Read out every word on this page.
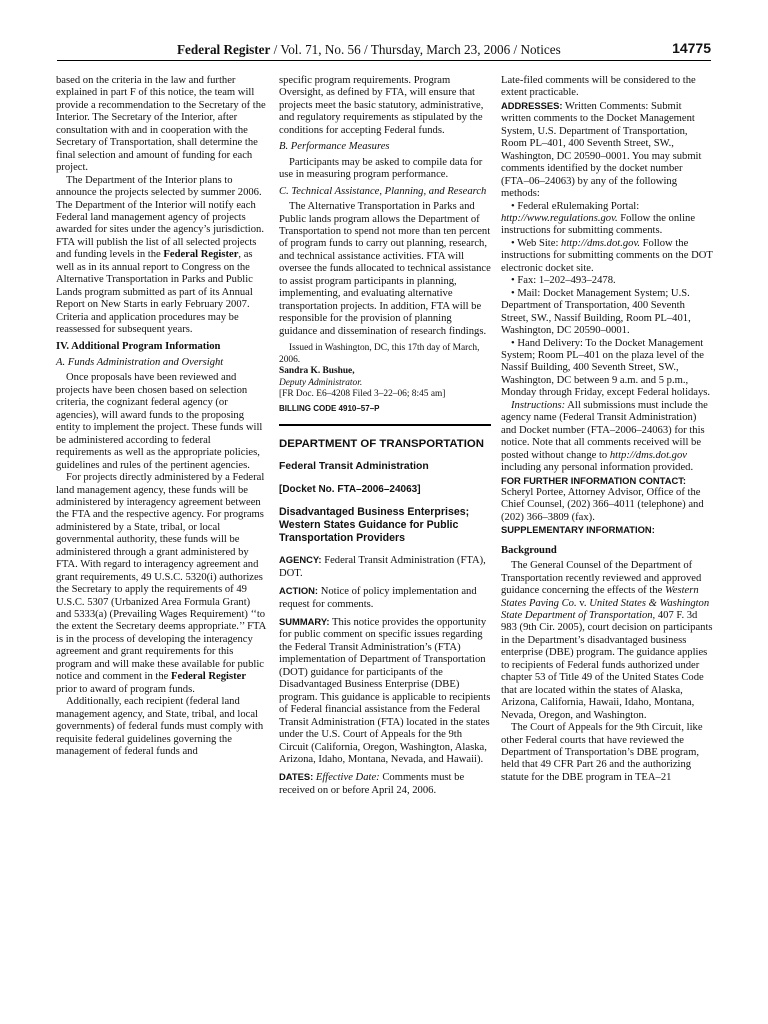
Federal Register / Vol. 71, No. 56 / Thursday, March 23, 2006 / Notices	14775

based on the criteria in the law and further explained in part F of this notice, the team will provide a recommendation to the Secretary of the Interior. The Secretary of the Interior, after consultation with and in cooperation with the Secretary of Transportation, shall determine the final selection and amount of funding for each project.

The Department of the Interior plans to announce the projects selected by summer 2006. The Department of the Interior will notify each Federal land management agency of projects awarded for sites under the agency’s jurisdiction. FTA will publish the list of all selected projects and funding levels in the Federal Register, as well as in its annual report to Congress on the Alternative Transportation in Parks and Public Lands program submitted as part of its Annual Report on New Starts in early February 2007. Criteria and application procedures may be reassessed for subsequent years.

IV. Additional Program Information

A. Funds Administration and Oversight

Once proposals have been reviewed and projects have been chosen based on selection criteria, the cognizant federal agency (or agencies), will award funds to the proposing entity to implement the project. These funds will be administered according to federal requirements as well as the appropriate policies, guidelines and rules of the pertinent agencies.

For projects directly administered by a Federal land management agency, these funds will be administered by interagency agreement between the FTA and the respective agency. For programs administered by a State, tribal, or local governmental authority, these funds will be administered through a grant administered by FTA. With regard to interagency agreement and grant requirements, 49 U.S.C. 5320(i) authorizes the Secretary to apply the requirements of 49 U.S.C. 5307 (Urbanized Area Formula Grant) and 5333(a) (Prevailing Wages Requirement) ‘‘to the extent the Secretary deems appropriate.’’ FTA is in the process of developing the interagency agreement and grant requirements for this program and will make these available for public notice and comment in the Federal Register prior to award of program funds.

Additionally, each recipient (federal land management agency, and State, tribal, and local governments) of federal funds must comply with requisite federal guidelines governing the management of federal funds and

specific program requirements. Program Oversight, as defined by FTA, will ensure that projects meet the basic statutory, administrative, and regulatory requirements as stipulated by the conditions for accepting Federal funds.

B. Performance Measures

Participants may be asked to compile data for use in measuring program performance.

C. Technical Assistance, Planning, and Research

The Alternative Transportation in Parks and Public lands program allows the Department of Transportation to spend not more than ten percent of program funds to carry out planning, research, and technical assistance activities. FTA will oversee the funds allocated to technical assistance to assist program participants in planning, implementing, and evaluating alternative transportation projects. In addition, FTA will be responsible for the provision of planning guidance and dissemination of research findings.

Issued in Washington, DC, this 17th day of March, 2006.

Sandra K. Bushue,

Deputy Administrator.

[FR Doc. E6–4208 Filed 3–22–06; 8:45 am]

BILLING CODE 4910–57–P

DEPARTMENT OF TRANSPORTATION

Federal Transit Administration

[Docket No. FTA–2006–24063]

Disadvantaged Business Enterprises; Western States Guidance for Public Transportation Providers

AGENCY: Federal Transit Administration (FTA), DOT.

ACTION: Notice of policy implementation and request for comments.

SUMMARY: This notice provides the opportunity for public comment on specific issues regarding the Federal Transit Administration’s (FTA) implementation of Department of Transportation (DOT) guidance for participants of the Disadvantaged Business Enterprise (DBE) program. This guidance is applicable to recipients of Federal financial assistance from the Federal Transit Administration (FTA) located in the states under the U.S. Court of Appeals for the 9th Circuit (California, Oregon, Washington, Alaska, Arizona, Idaho, Montana, Nevada, and Hawaii).

DATES: Effective Date: Comments must be received on or before April 24, 2006.

Late-filed comments will be considered to the extent practicable.

ADDRESSES: Written Comments: Submit written comments to the Docket Management System, U.S. Department of Transportation, Room PL–401, 400 Seventh Street, SW., Washington, DC 20590–0001. You may submit comments identified by the docket number (FTA–06–24063) by any of the following methods:

• Federal eRulemaking Portal: http://www.regulations.gov. Follow the online instructions for submitting comments.

• Web Site: http://dms.dot.gov. Follow the instructions for submitting comments on the DOT electronic docket site.

• Fax: 1–202–493–2478.

• Mail: Docket Management System; U.S. Department of Transportation, 400 Seventh Street, SW., Nassif Building, Room PL–401, Washington, DC 20590–0001.

• Hand Delivery: To the Docket Management System; Room PL–401 on the plaza level of the Nassif Building, 400 Seventh Street, SW., Washington, DC between 9 a.m. and 5 p.m., Monday through Friday, except Federal holidays.

Instructions: All submissions must include the agency name (Federal Transit Administration) and Docket number (FTA–2006–24063) for this notice. Note that all comments received will be posted without change to http://dms.dot.gov including any personal information provided.

FOR FURTHER INFORMATION CONTACT:

Scheryl Portee, Attorney Advisor, Office of the Chief Counsel, (202) 366–4011 (telephone) and (202) 366–3809 (fax).

SUPPLEMENTARY INFORMATION:

Background

The General Counsel of the Department of Transportation recently reviewed and approved guidance concerning the effects of the Western States Paving Co. v. United States & Washington State Department of Transportation, 407 F. 3d 983 (9th Cir. 2005), court decision on participants in the Department’s disadvantaged business enterprise (DBE) program. The guidance applies to recipients of Federal funds authorized under chapter 53 of Title 49 of the United States Code that are located within the states of Alaska, Arizona, California, Hawaii, Idaho, Montana, Nevada, Oregon, and Washington.

The Court of Appeals for the 9th Circuit, like other Federal courts that have reviewed the Department of Transportation’s DBE program, held that 49 CFR Part 26 and the authorizing statute for the DBE program in TEA–21
